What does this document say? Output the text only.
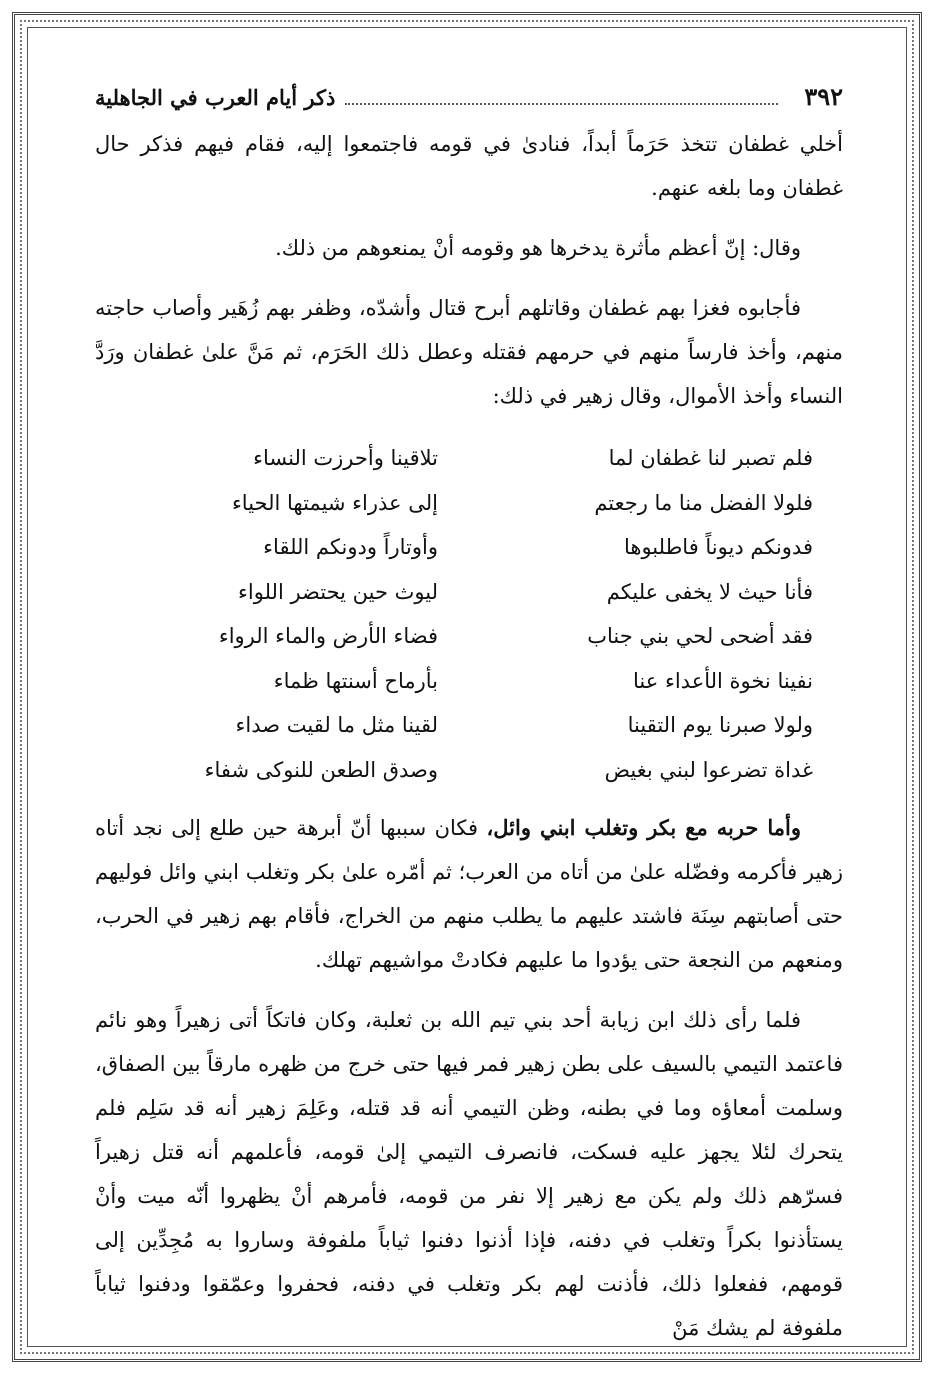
٣٩٢
ذكر أيام العرب في الجاهلية

أخلي غطفان تتخذ حَرَماً أبداً، فنادىٰ في قومه فاجتمعوا إليه، فقام فيهم فذكر حال غطفان وما بلغه عنهم.

وقال: إنّ أعظم مأثرة يدخرها هو وقومه أنْ يمنعوهم من ذلك.

فأجابوه فغزا بهم غطفان وقاتلهم أبرح قتال وأشدّه، وظفر بهم زُهَير وأصاب حاجته منهم، وأخذ فارساً منهم في حرمهم فقتله وعطل ذلك الحَرَم، ثم مَنَّ علىٰ غطفان ورَدَّ النساء وأخذ الأموال، وقال زهير في ذلك:

فلم تصبر لنا غطفان لما
تلاقينا وأحرزت النساء
فلولا الفضل منا ما رجعتم
إلى عذراء شيمتها الحياء
فدونكم ديوناً فاطلبوها
وأوتاراً ودونكم اللقاء
فأنا حيث لا يخفى عليكم
ليوث حين يحتضر اللواء
فقد أضحى لحي بني جناب
فضاء الأرض والماء الرواء
نفينا نخوة الأعداء عنا
بأرماح أسنتها ظماء
ولولا صبرنا يوم التقينا
لقينا مثل ما لقيت صداء
غداة تضرعوا لبني بغيض
وصدق الطعن للنوكى شفاء

وأما حربه مع بكر وتغلب ابني وائل، فكان سببها أنّ أبرهة حين طلع إلى نجد أتاه زهير فأكرمه وفضّله علىٰ من أتاه من العرب؛ ثم أمّره علىٰ بكر وتغلب ابني وائل فوليهم حتى أصابتهم سِنَة فاشتد عليهم ما يطلب منهم من الخراج، فأقام بهم زهير في الحرب، ومنعهم من النجعة حتى يؤدوا ما عليهم فكادتْ مواشيهم تهلك.

فلما رأى ذلك ابن زيابة أحد بني تيم الله بن ثعلبة، وكان فاتكاً أتى زهيراً وهو نائم فاعتمد التيمي بالسيف على بطن زهير فمر فيها حتى خرج من ظهره مارقاً بين الصفاق، وسلمت أمعاؤه وما في بطنه، وظن التيمي أنه قد قتله، وعَلِمَ زهير أنه قد سَلِم فلم يتحرك لئلا يجهز عليه فسكت، فانصرف التيمي إلىٰ قومه، فأعلمهم أنه قتل زهيراً فسرّهم ذلك ولم يكن مع زهير إلا نفر من قومه، فأمرهم أنْ يظهروا أنّه ميت وأنْ يستأذنوا بكراً وتغلب في دفنه، فإذا أذنوا دفنوا ثياباً ملفوفة وساروا به مُجِدِّين إلى قومهم، ففعلوا ذلك، فأذنت لهم بكر وتغلب في دفنه، فحفروا وعمّقوا ودفنوا ثياباً ملفوفة لم يشك مَنْ
